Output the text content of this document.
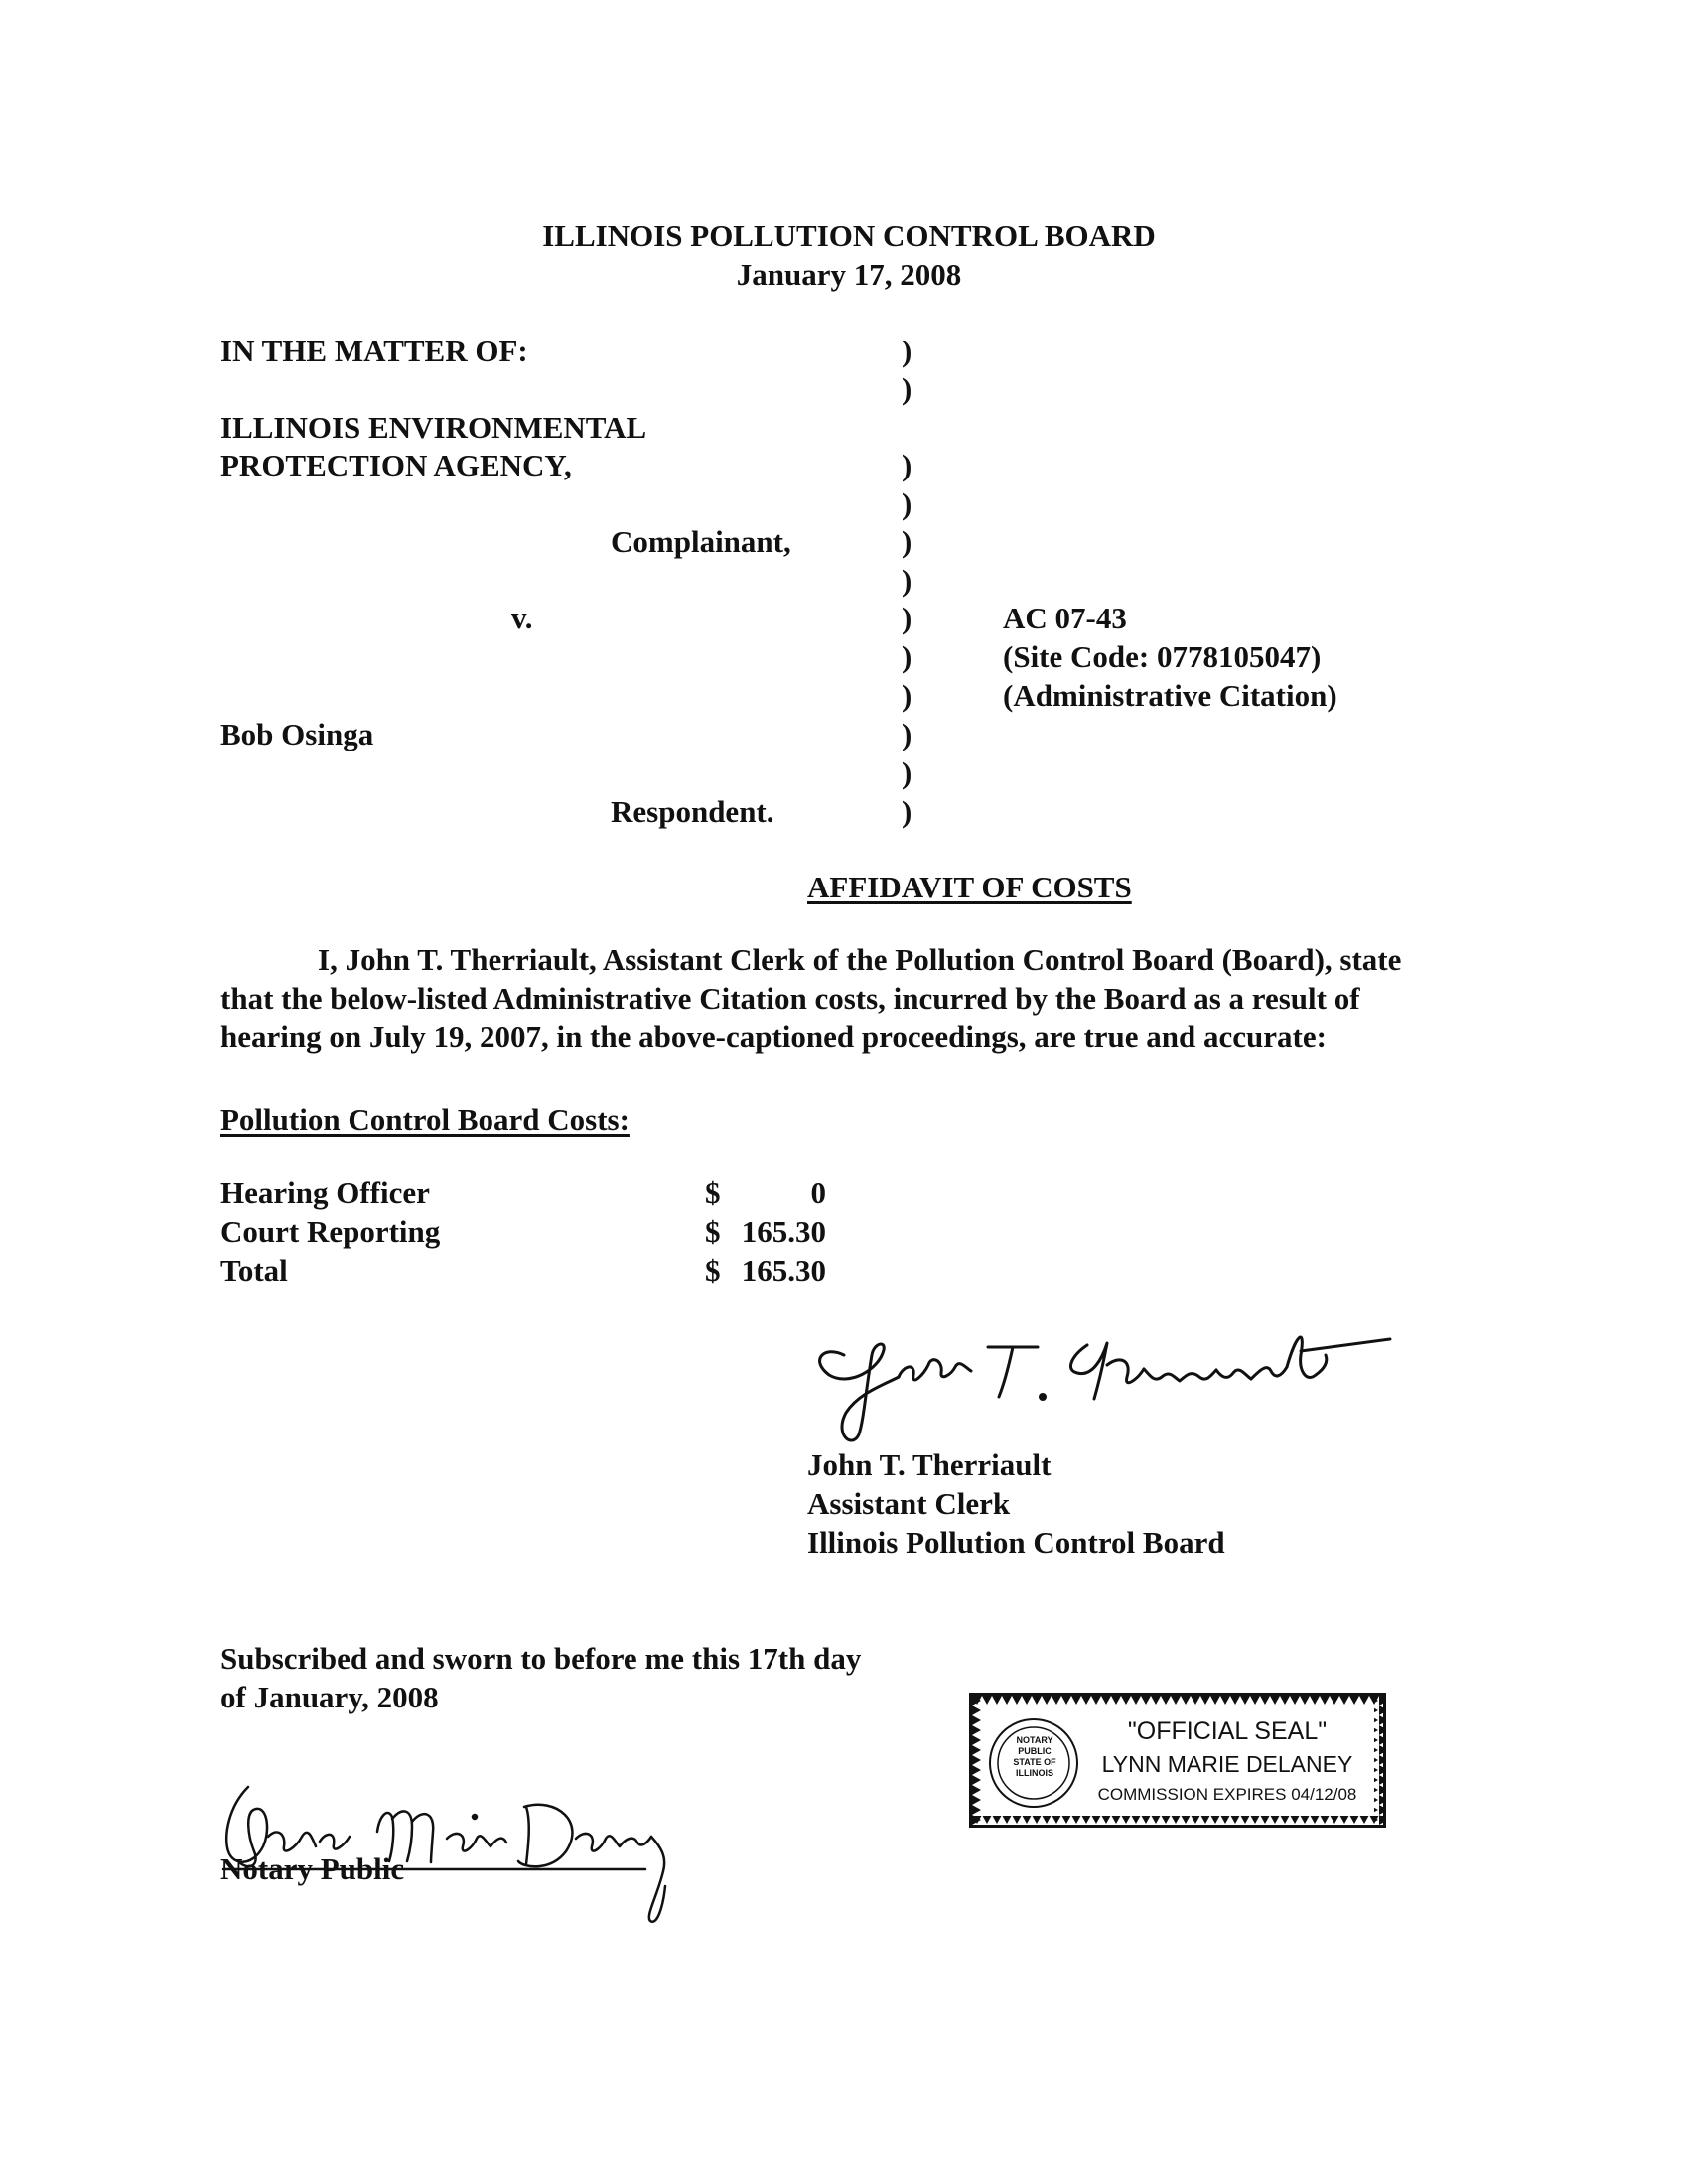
ILLINOIS POLLUTION CONTROL BOARD
January 17, 2008
IN THE MATTER OF:
ILLINOIS ENVIRONMENTAL
PROTECTION AGENCY,
Complainant,
v.
Bob Osinga
Respondent.
)
)
)
)
)
)
)
)
)
)
)
)
AC 07-43
(Site Code: 0778105047)
(Administrative Citation)
AFFIDAVIT OF COSTS

I, John T. Therriault, Assistant Clerk of the Pollution Control Board (Board), state

that the below-listed Administrative Citation costs, incurred by the Board as a result of

hearing on July 19, 2007, in the above-captioned proceedings, are true and accurate:

Pollution Control Board Costs:
Hearing Officer	$	0
Court Reporting	$ 165.30
Total	$ 165.30
John T. Therriault
Assistant Clerk
Illinois Pollution Control Board
Subscribed and sworn to before me this 17th day
of January, 2008
Notary Public
NOTARY
PUBLIC
STATE OF
ILLINOIS
"OFFICIAL SEAL"
LYNN MARIE DELANEY
COMMISSION EXPIRES 04/12/08
